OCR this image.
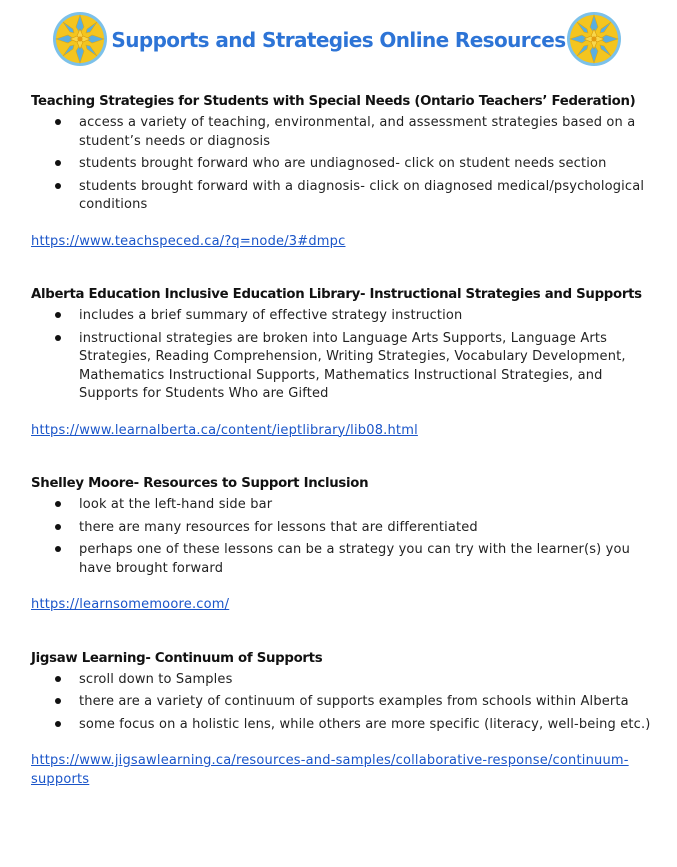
Supports and Strategies Online Resources
Teaching Strategies for Students with Special Needs (Ontario Teachers’ Federation)
access a variety of teaching, environmental, and assessment strategies based on a student’s needs or diagnosis
students brought forward who are undiagnosed- click on student needs section
students brought forward with a diagnosis- click on diagnosed medical/psychological conditions
https://www.teachspeced.ca/?q=node/3#dmpc
Alberta Education Inclusive Education Library- Instructional Strategies and Supports
includes a brief summary of effective strategy instruction
instructional strategies are broken into Language Arts Supports, Language Arts Strategies, Reading Comprehension, Writing Strategies, Vocabulary Development, Mathematics Instructional Supports, Mathematics Instructional Strategies, and Supports for Students Who are Gifted
https://www.learnalberta.ca/content/ieptlibrary/lib08.html
Shelley Moore- Resources to Support Inclusion
look at the left-hand side bar
there are many resources for lessons that are differentiated
perhaps one of these lessons can be a strategy you can try with the learner(s) you have brought forward
https://learnsomemoore.com/
Jigsaw Learning- Continuum of Supports
scroll down to Samples
there are a variety of continuum of supports examples from schools within Alberta
some focus on a holistic lens, while others are more specific (literacy, well-being etc.)
https://www.jigsawlearning.ca/resources-and-samples/collaborative-response/continuum-supports
